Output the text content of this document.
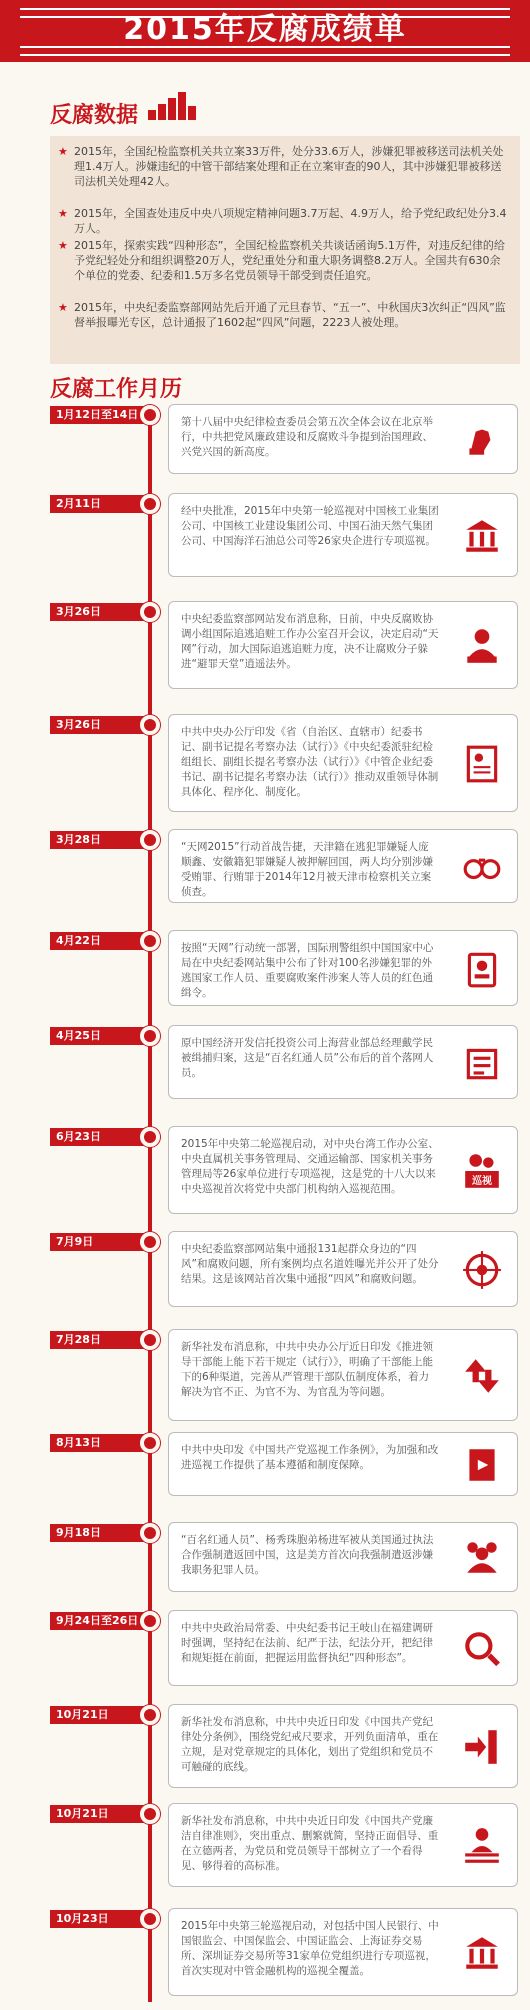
2015年反腐成绩单
反腐数据
★ 2015年，全国纪检监察机关共立案33万件，处分33.6万人，涉嫌犯罪被移送司法机关处理1.4万人。涉嫌违纪的中管干部结案处理和正在立案审查的90人，其中涉嫌犯罪被移送司法机关处理42人。
★ 2015年，全国查处违反中央八项规定精神问题3.7万起、4.9万人，给予党纪政纪处分3.4万人。
★ 2015年，探索实践“四种形态”，全国纪检监察机关共谈话函询5.1万件，对违反纪律的给予党纪轻处分和组织调整20万人，党纪重处分和重大职务调整8.2万人。全国共有630余个单位的党委、纪委和1.5万多名党员领导干部受到责任追究。
★ 2015年，中央纪委监察部网站先后开通了元旦春节、“五一”、中秋国庆3次纠正“四风”监督举报曝光专区，总计通报了1602起“四风”问题，2223人被处理。
反腐工作月历
1月12日至14日
第十八届中央纪律检查委员会第五次全体会议在北京举行，中共把党风廉政建设和反腐败斗争提到治国理政、兴党兴国的新高度。
2月11日
经中央批准，2015年中央第一轮巡视对中国核工业集团公司、中国核工业建设集团公司、中国石油天然气集团公司、中国海洋石油总公司等26家央企进行专项巡视。
3月26日
中央纪委监察部网站发布消息称，日前，中央反腐败协调小组国际追逃追赃工作办公室召开会议，决定启动“天网”行动，加大国际追逃追赃力度，决不让腐败分子躲进“避罪天堂”逍遥法外。
3月26日
中共中央办公厅印发《省（自治区、直辖市）纪委书记、副书记提名考察办法（试行）》《中央纪委派驻纪检组组长、副组长提名考察办法（试行）》《中管企业纪委书记、副书记提名考察办法（试行）》推动双重领导体制具体化、程序化、制度化。
3月28日
“天网2015”行动首战告捷，天津籍在逃犯罪嫌疑人庞顺鑫、安徽籍犯罪嫌疑人被押解回国，两人均分别涉嫌受贿罪、行贿罪于2014年12月被天津市检察机关立案侦查。
4月22日
按照“天网”行动统一部署，国际刑警组织中国国家中心局在中央纪委网站集中公布了针对100名涉嫌犯罪的外逃国家工作人员、重要腐败案件涉案人等人员的红色通缉令。
4月25日
原中国经济开发信托投资公司上海营业部总经理戴学民被缉捕归案，这是“百名红通人员”公布后的首个落网人员。
6月23日
2015年中央第二轮巡视启动，对中央台湾工作办公室、中央直属机关事务管理局、交通运输部、国家机关事务管理局等26家单位进行专项巡视，这是党的十八大以来中央巡视首次将党中央部门机构纳入巡视范围。
巡视
7月9日
中央纪委监察部网站集中通报131起群众身边的“四风”和腐败问题，所有案例均点名道姓曝光并公开了处分结果。这是该网站首次集中通报“四风”和腐败问题。
7月28日
新华社发布消息称，中共中央办公厅近日印发《推进领导干部能上能下若干规定（试行）》，明确了干部能上能下的6种渠道，完善从严管理干部队伍制度体系，着力解决为官不正、为官不为、为官乱为等问题。
8月13日
中共中央印发《中国共产党巡视工作条例》，为加强和改进巡视工作提供了基本遵循和制度保障。
9月18日
“百名红通人员”、杨秀珠胞弟杨进军被从美国通过执法合作强制遣返回中国，这是美方首次向我强制遣返涉嫌我职务犯罪人员。
9月24日至26日
中共中央政治局常委、中央纪委书记王岐山在福建调研时强调，坚持纪在法前、纪严于法，纪法分开，把纪律和规矩挺在前面，把握运用监督执纪“四种形态”。
10月21日
新华社发布消息称，中共中央近日印发《中国共产党纪律处分条例》，围绕党纪戒尺要求，开列负面清单，重在立规，是对党章规定的具体化，划出了党组织和党员不可触碰的底线。
10月21日
新华社发布消息称，中共中央近日印发《中国共产党廉洁自律准则》，突出重点、删繁就简，坚持正面倡导、重在立德两者，为党员和党员领导干部树立了一个看得见、够得着的高标准。
10月23日
2015年中央第三轮巡视启动，对包括中国人民银行、中国银监会、中国保监会、中国证监会、上海证券交易所、深圳证券交易所等31家单位党组织进行专项巡视，首次实现对中管金融机构的巡视全覆盖。
